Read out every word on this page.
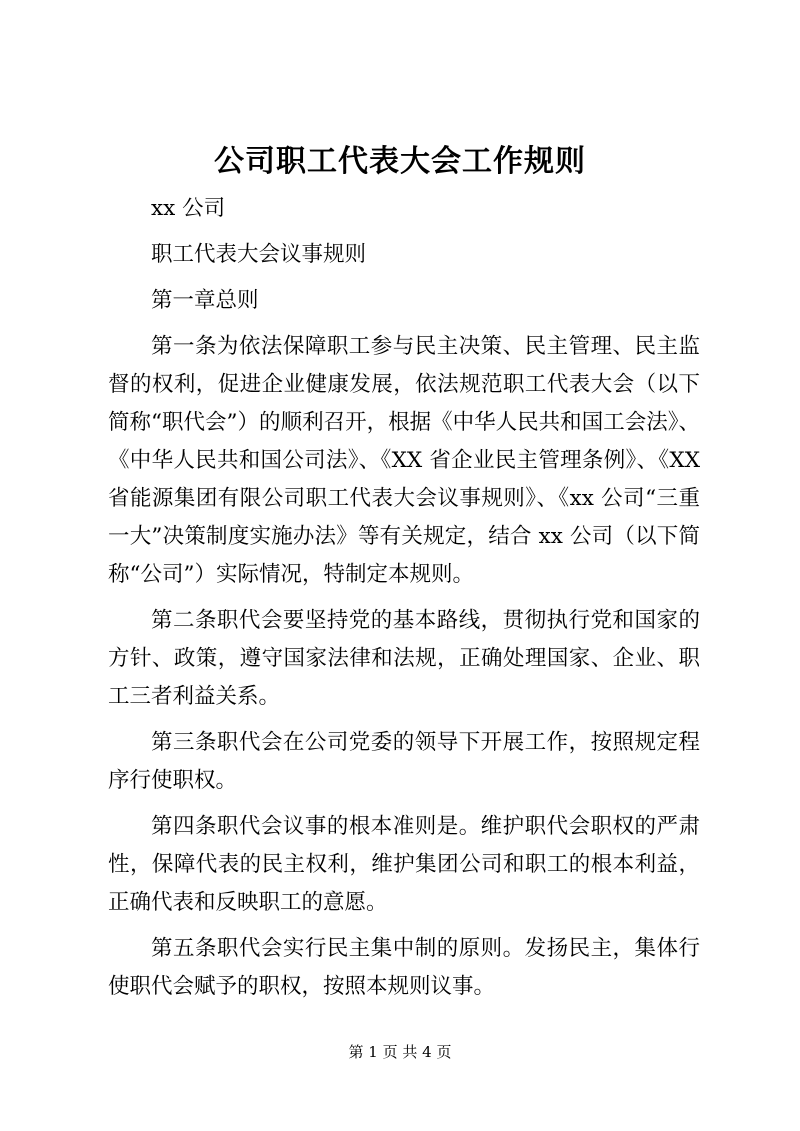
公司职工代表大会工作规则

xx 公司

职工代表大会议事规则

第一章总则

第一条为依法保障职工参与民主决策、民主管理、民主监督的权利，促进企业健康发展，依法规范职工代表大会（以下简称“职代会”）的顺利召开，根据《中华人民共和国工会法》、《中华人民共和国公司法》、《XX 省企业民主管理条例》、《XX 省能源集团有限公司职工代表大会议事规则》、《xx 公司“三重一大”决策制度实施办法》等有关规定，结合 xx 公司（以下简称“公司”）实际情况，特制定本规则。

第二条职代会要坚持党的基本路线，贯彻执行党和国家的方针、政策，遵守国家法律和法规，正确处理国家、企业、职工三者利益关系。

第三条职代会在公司党委的领导下开展工作，按照规定程序行使职权。

第四条职代会议事的根本准则是。维护职代会职权的严肃性，保障代表的民主权利，维护集团公司和职工的根本利益，正确代表和反映职工的意愿。

第五条职代会实行民主集中制的原则。发扬民主，集体行使职代会赋予的职权，按照本规则议事。

第 1 页 共 4 页
